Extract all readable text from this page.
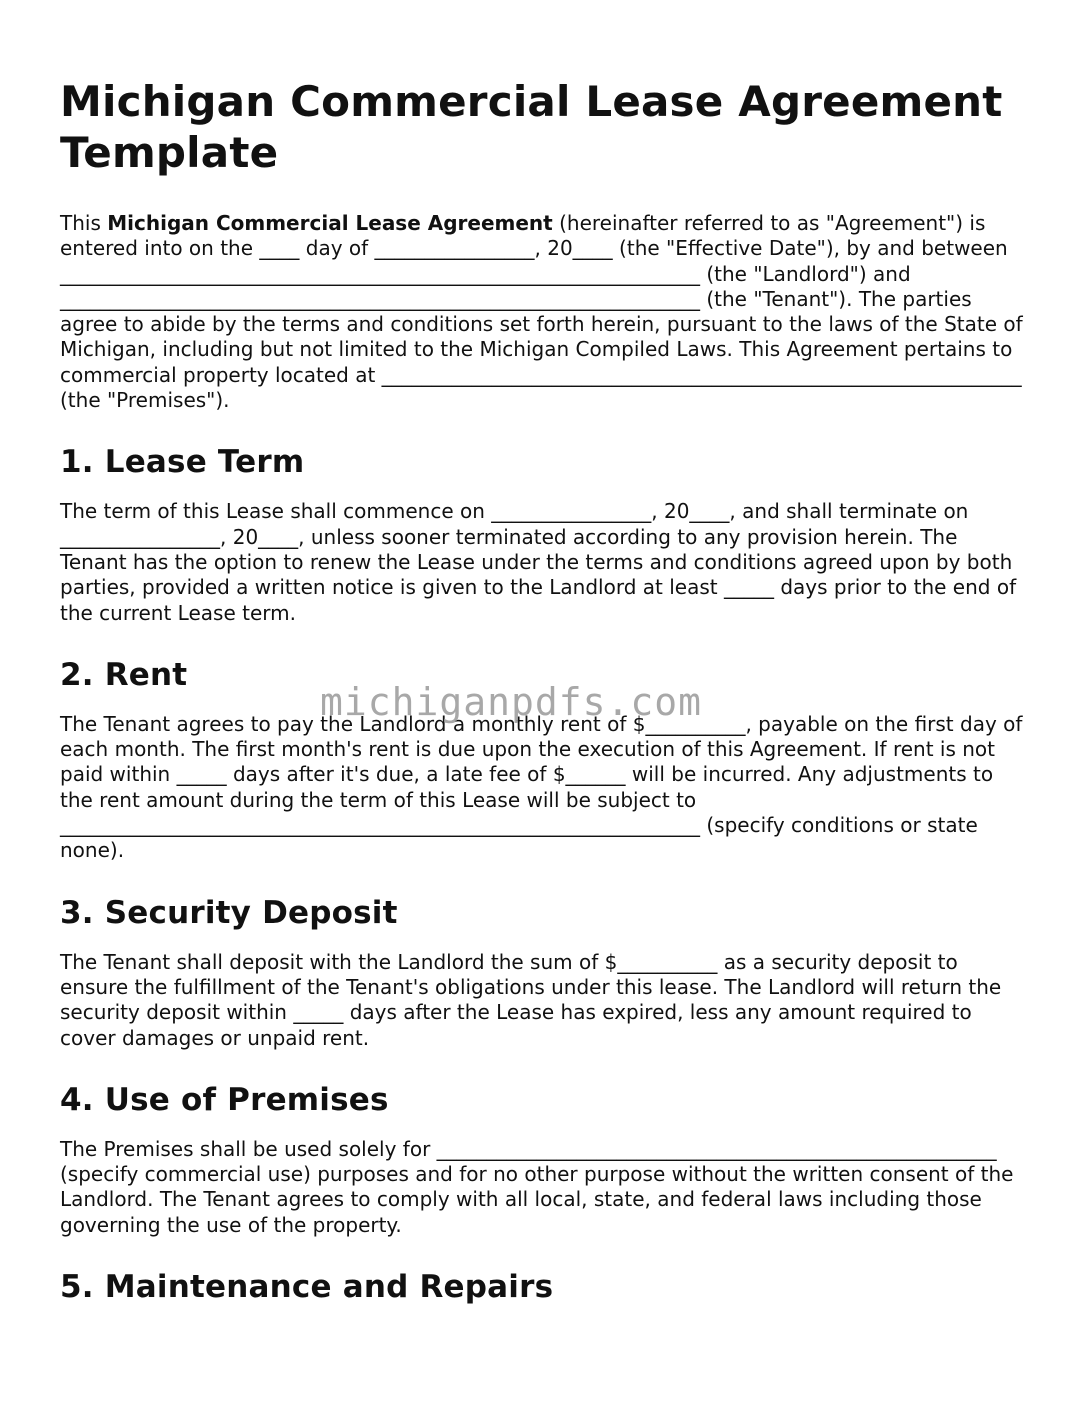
Michigan Commercial Lease Agreement Template

This Michigan Commercial Lease Agreement (hereinafter referred to as "Agreement") is entered into on the ____ day of ________________, 20____ (the "Effective Date"), by and between ________________________________________________________________ (the "Landlord") and ________________________________________________________________ (the "Tenant"). The parties agree to abide by the terms and conditions set forth herein, pursuant to the laws of the State of Michigan, including but not limited to the Michigan Compiled Laws. This Agreement pertains to commercial property located at ________________________________________________________________ (the "Premises").

1. Lease Term

The term of this Lease shall commence on ________________, 20____, and shall terminate on ________________, 20____, unless sooner terminated according to any provision herein. The Tenant has the option to renew the Lease under the terms and conditions agreed upon by both parties, provided a written notice is given to the Landlord at least _____ days prior to the end of the current Lease term.

2. Rent

The Tenant agrees to pay the Landlord a monthly rent of $__________, payable on the first day of each month. The first month's rent is due upon the execution of this Agreement. If rent is not paid within _____ days after it's due, a late fee of $______ will be incurred. Any adjustments to the rent amount during the term of this Lease will be subject to ________________________________________________________________ (specify conditions or state none).

3. Security Deposit

The Tenant shall deposit with the Landlord the sum of $__________ as a security deposit to ensure the fulfillment of the Tenant's obligations under this lease. The Landlord will return the security deposit within _____ days after the Lease has expired, less any amount required to cover damages or unpaid rent.

4. Use of Premises

The Premises shall be used solely for ________________________________________________________ (specify commercial use) purposes and for no other purpose without the written consent of the Landlord. The Tenant agrees to comply with all local, state, and federal laws including those governing the use of the property.

5. Maintenance and Repairs
michiganpdfs.com
